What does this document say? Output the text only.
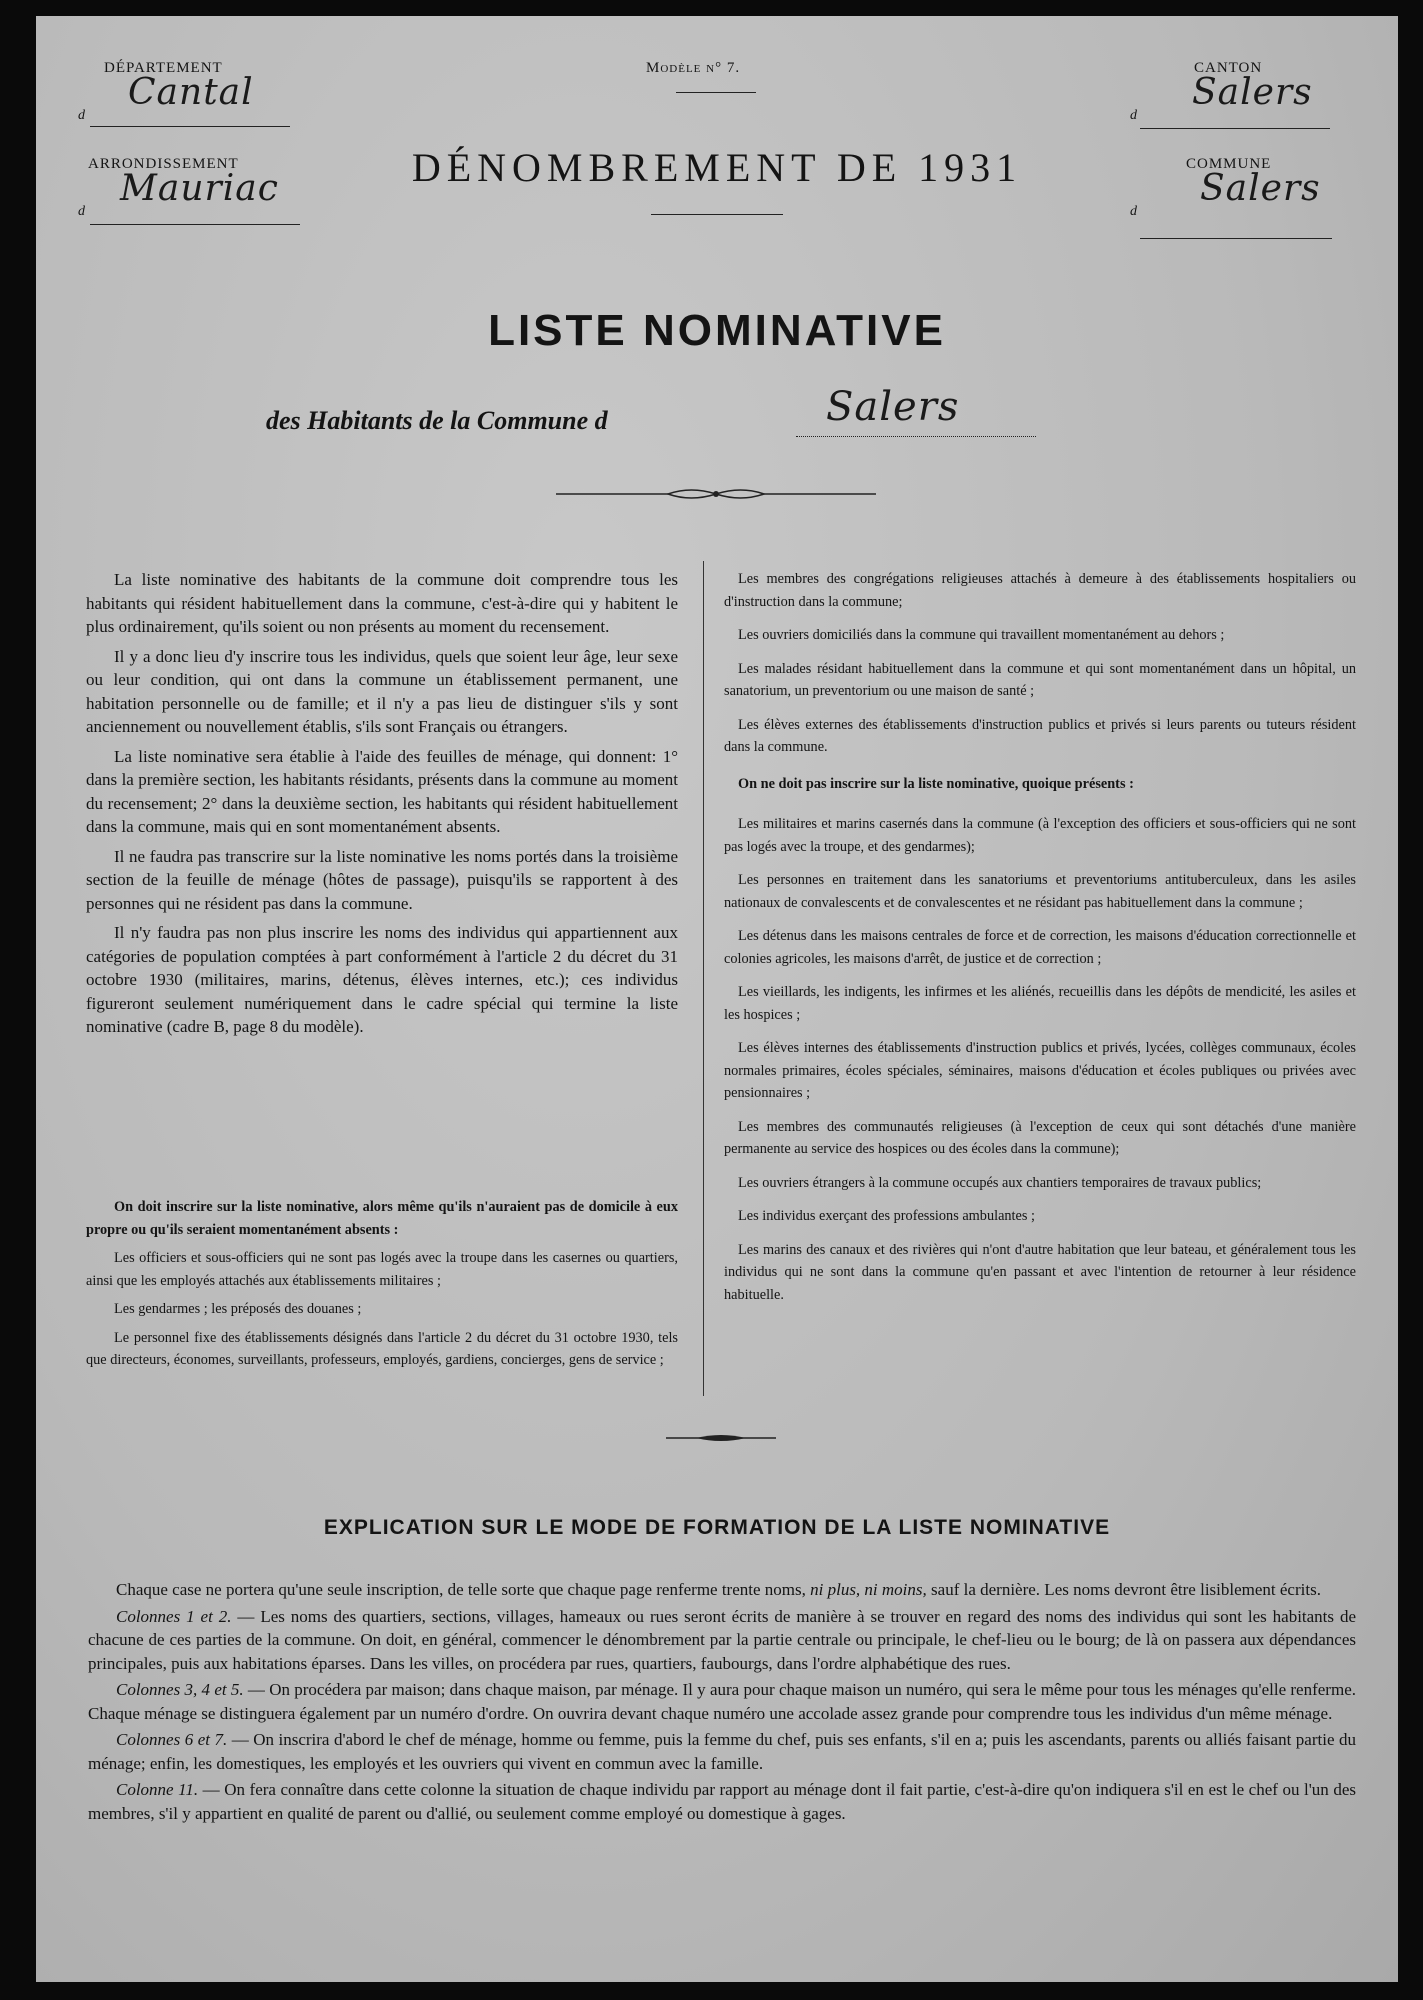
DÉPARTEMENT
d
Cantal
ARRONDISSEMENT
d
Mauriac
Modèle n° 7.
DÉNOMBREMENT DE 1931
CANTON
d
Salers
COMMUNE
d
Salers
LISTE NOMINATIVE
des Habitants de la Commune d	Salers

La liste nominative des habitants de la commune doit comprendre tous les habitants qui résident habituellement dans la commune, c'est-à-dire qui y habitent le plus ordinairement, qu'ils soient ou non présents au moment du recensement.

Il y a donc lieu d'y inscrire tous les individus, quels que soient leur âge, leur sexe ou leur condition, qui ont dans la commune un établissement permanent, une habitation personnelle ou de famille; et il n'y a pas lieu de distinguer s'ils y sont anciennement ou nouvellement établis, s'ils sont Français ou étrangers.

La liste nominative sera établie à l'aide des feuilles de ménage, qui donnent: 1° dans la première section, les habitants résidants, présents dans la commune au moment du recensement; 2° dans la deuxième section, les habitants qui résident habituellement dans la commune, mais qui en sont momentanément absents.

Il ne faudra pas transcrire sur la liste nominative les noms portés dans la troisième section de la feuille de ménage (hôtes de passage), puisqu'ils se rapportent à des personnes qui ne résident pas dans la commune.

Il n'y faudra pas non plus inscrire les noms des individus qui appartiennent aux catégories de population comptées à part conformément à l'article 2 du décret du 31 octobre 1930 (militaires, marins, détenus, élèves internes, etc.); ces individus figureront seulement numériquement dans le cadre spécial qui termine la liste nominative (cadre B, page 8 du modèle).

On doit inscrire sur la liste nominative, alors même qu'ils n'auraient pas de domicile à eux propre ou qu'ils seraient momentanément absents :

Les officiers et sous-officiers qui ne sont pas logés avec la troupe dans les casernes ou quartiers, ainsi que les employés attachés aux établissements militaires ;

Les gendarmes ; les préposés des douanes ;

Le personnel fixe des établissements désignés dans l'article 2 du décret du 31 octobre 1930, tels que directeurs, économes, surveillants, professeurs, employés, gardiens, concierges, gens de service ;

Les membres des congrégations religieuses attachés à demeure à des établissements hospitaliers ou d'instruction dans la commune;

Les ouvriers domiciliés dans la commune qui travaillent momentanément au dehors ;

Les malades résidant habituellement dans la commune et qui sont momentanément dans un hôpital, un sanatorium, un preventorium ou une maison de santé ;

Les élèves externes des établissements d'instruction publics et privés si leurs parents ou tuteurs résident dans la commune.

On ne doit pas inscrire sur la liste nominative, quoique présents :

Les militaires et marins casernés dans la commune (à l'exception des officiers et sous-officiers qui ne sont pas logés avec la troupe, et des gendarmes);

Les personnes en traitement dans les sanatoriums et preventoriums antituberculeux, dans les asiles nationaux de convalescents et de convalescentes et ne résidant pas habituellement dans la commune ;

Les détenus dans les maisons centrales de force et de correction, les maisons d'éducation correctionnelle et colonies agricoles, les maisons d'arrêt, de justice et de correction ;

Les vieillards, les indigents, les infirmes et les aliénés, recueillis dans les dépôts de mendicité, les asiles et les hospices ;

Les élèves internes des établissements d'instruction publics et privés, lycées, collèges communaux, écoles normales primaires, écoles spéciales, séminaires, maisons d'éducation et écoles publiques ou privées avec pensionnaires ;

Les membres des communautés religieuses (à l'exception de ceux qui sont détachés d'une manière permanente au service des hospices ou des écoles dans la commune);

Les ouvriers étrangers à la commune occupés aux chantiers temporaires de travaux publics;

Les individus exerçant des professions ambulantes ;

Les marins des canaux et des rivières qui n'ont d'autre habitation que leur bateau, et généralement tous les individus qui ne sont dans la commune qu'en passant et avec l'intention de retourner à leur résidence habituelle.

EXPLICATION SUR LE MODE DE FORMATION DE LA LISTE NOMINATIVE

Chaque case ne portera qu'une seule inscription, de telle sorte que chaque page renferme trente noms, ni plus, ni moins, sauf la dernière. Les noms devront être lisiblement écrits.

Colonnes 1 et 2. — Les noms des quartiers, sections, villages, hameaux ou rues seront écrits de manière à se trouver en regard des noms des individus qui sont les habitants de chacune de ces parties de la commune. On doit, en général, commencer le dénombrement par la partie centrale ou principale, le chef-lieu ou le bourg; de là on passera aux dépendances principales, puis aux habitations éparses. Dans les villes, on procédera par rues, quartiers, faubourgs, dans l'ordre alphabétique des rues.

Colonnes 3, 4 et 5. — On procédera par maison; dans chaque maison, par ménage. Il y aura pour chaque maison un numéro, qui sera le même pour tous les ménages qu'elle renferme. Chaque ménage se distinguera également par un numéro d'ordre. On ouvrira devant chaque numéro une accolade assez grande pour comprendre tous les individus d'un même ménage.

Colonnes 6 et 7. — On inscrira d'abord le chef de ménage, homme ou femme, puis la femme du chef, puis ses enfants, s'il en a; puis les ascendants, parents ou alliés faisant partie du ménage; enfin, les domestiques, les employés et les ouvriers qui vivent en commun avec la famille.

Colonne 11. — On fera connaître dans cette colonne la situation de chaque individu par rapport au ménage dont il fait partie, c'est-à-dire qu'on indiquera s'il en est le chef ou l'un des membres, s'il y appartient en qualité de parent ou d'allié, ou seulement comme employé ou domestique à gages.
